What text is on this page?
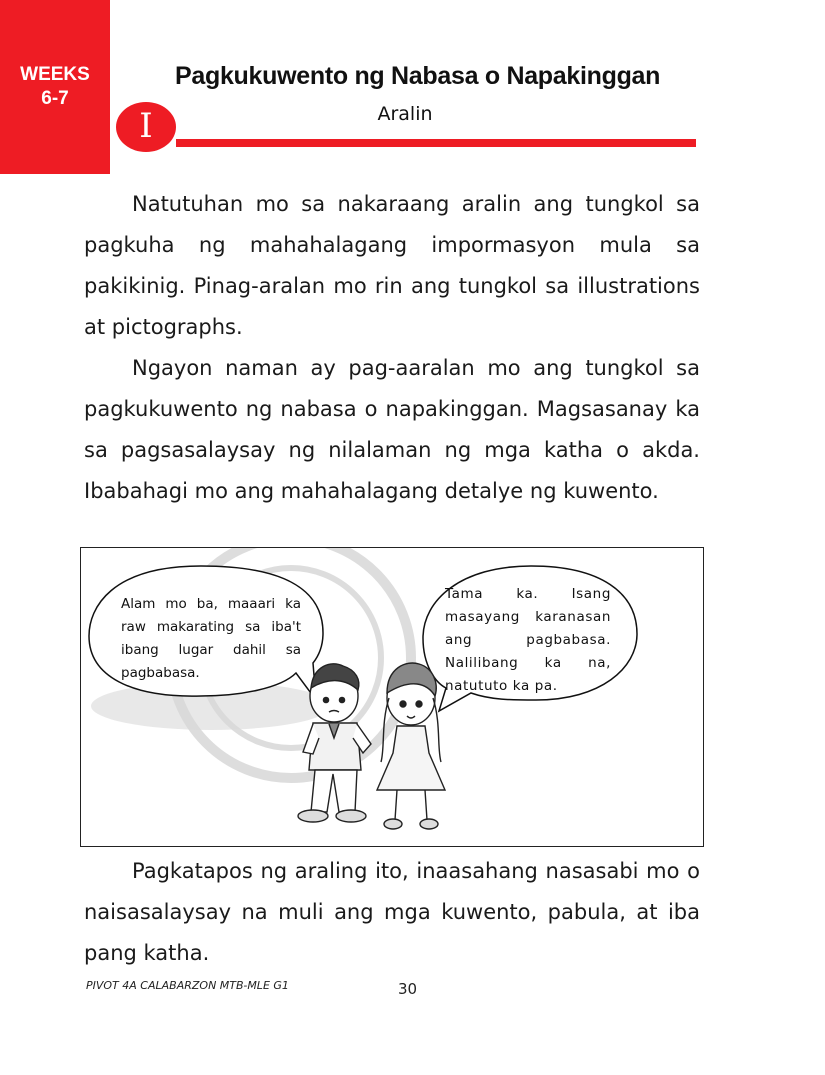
WEEKS
6-7
Pagkukuwento ng Nabasa o Napakinggan
I	Aralin

Natutuhan mo sa nakaraang aralin ang tungkol sa pagkuha ng mahahalagang impormasyon mula sa pakikinig. Pinag-aralan mo rin ang tungkol sa illustrations at pictographs.

Ngayon naman ay pag-aaralan mo ang tungkol sa pagkukuwento ng nabasa o napakinggan. Magsasanay ka sa pagsasalaysay ng nilalaman ng mga katha o akda. Ibabahagi mo ang mahahalagang detalye ng kuwento.

Alam mo ba, maaari ka raw makarating sa iba't ibang lugar dahil sa pagbabasa.
Tama ka. Isang masayang karanasan ang pagbabasa. Nalilibang ka na, natututo ka pa.

Pagkatapos ng araling ito, inaasahang nasasabi mo o naisasalaysay na muli ang mga kuwento, pabula, at iba pang katha.

PIVOT 4A CALABARZON MTB-MLE G1	30
